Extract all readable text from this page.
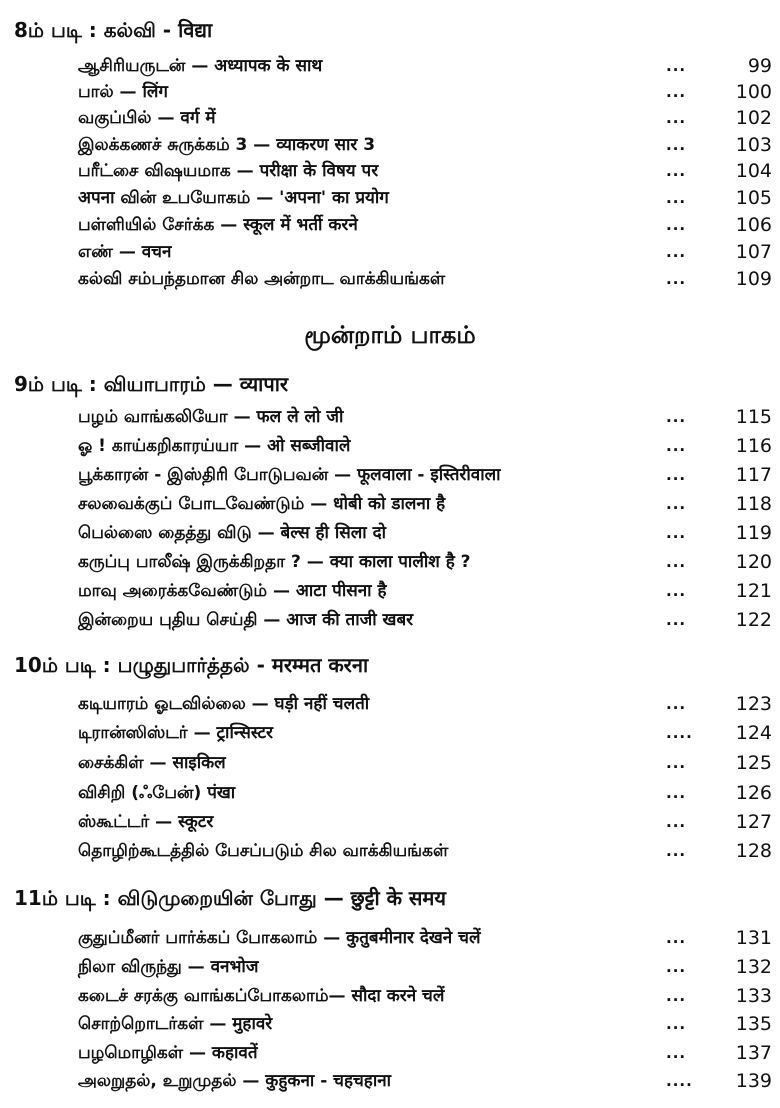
8ம் படி : கல்வி - विद्या
ஆசிரியருடன் — अध्यापक के साथ	...	99
பால் — लिंग	...	100
வகுப்பில் — वर्ग में	...	102
இலக்கணச் சுருக்கம் 3 — व्याकरण सार 3	...	103
பரீட்சை விஷயமாக — परीक्षा के विषय पर	...	104
अपना வின் உபயோகம் — 'अपना' का प्रयोग	...	105
பள்ளியில் சேர்க்க — स्कूल में भर्ती करने	...	106
எண் — वचन	...	107
கல்வி சம்பந்தமான சில அன்றாட வாக்கியங்கள்	...	109
மூன்றாம் பாகம்
9ம் படி : வியாபாரம் — व्यापार
பழம் வாங்கலியோ — फल ले लो जी	...	115
ஓ ! காய்கறிகாரய்யா — ओ सब्जीवाले	...	116
பூக்காரன் - இஸ்திரி போடுபவன் — फूलवाला - इस्तिरीवाला	...	117
சலவைக்குப் போடவேண்டும் — धोबी को डालना है	...	118
பெல்ஸை தைத்து விடு — बेल्स ही सिला दो	...	119
கருப்பு பாலீஷ் இருக்கிறதா ? — क्या काला पालीश है ?	...	120
மாவு அரைக்கவேண்டும் — आटा पीसना है	...	121
இன்றைய புதிய செய்தி — आज की ताजी खबर	...	122
10ம் படி : பழுதுபார்த்தல் - मरम्मत करना
கடியாரம் ஓடவில்லை — घड़ी नहीं चलती	...	123
டிரான்ஸிஸ்டர் — ट्रान्सिस्टर	.... 124
சைக்கிள் — साइकिल	...	125
விசிறி (ஃபேன்) पंखा	...	126
ஸ்கூட்டர் — स्कूटर	...	127
தொழிற்கூடத்தில் பேசப்படும் சில வாக்கியங்கள்	...	128
11ம் படி : விடுமுறையின் போது — छुट्टी के समय
குதுப்மீனர் பார்க்கப் போகலாம் — कुतुबमीनार देखने चलें	...	131
நிலா விருந்து — वनभोज	...	132
கடைச் சரக்கு வாங்கப்போகலாம்— सौदा करने चलें	...	133
சொற்றொடர்கள் — मुहावरे	...	135
பழமொழிகள் — कहावतें	...	137
அலறுதல், உறுமுதல் — कुहुकना - चहचहाना	.... 139
